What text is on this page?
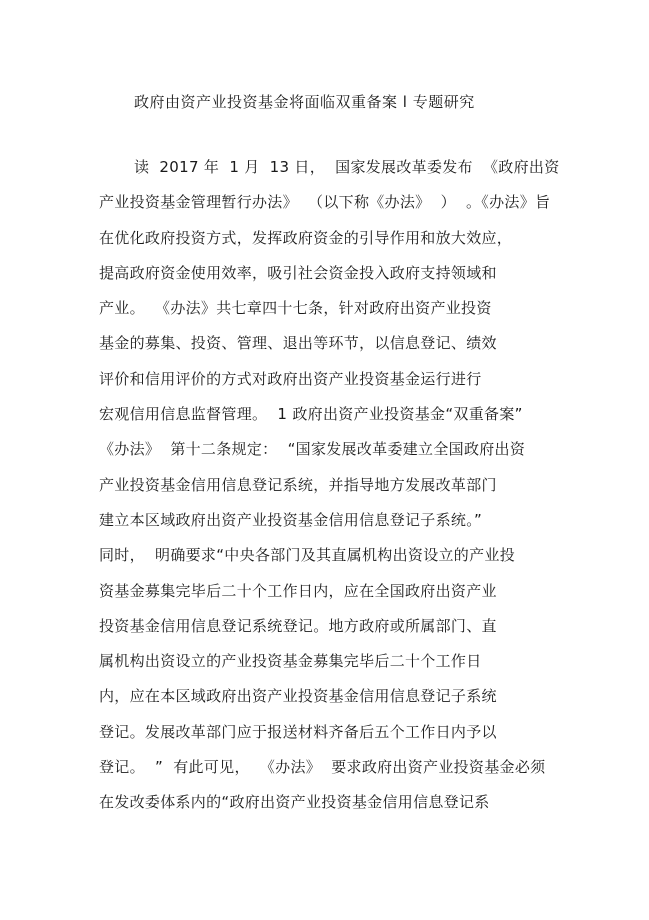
政府由资产业投资基金将面临双重备案 l 专题研究
读  2017 年  1 月  13 日，  国家发展改革委发布  《政府出资
产业投资基金管理暂行办法》  （以下称《办法》  ）  。《办法》旨
在优化政府投资方式，发挥政府资金的引导作用和放大效应，
提高政府资金使用效率，吸引社会资金投入政府支持领域和
产业。  《办法》共七章四十七条，针对政府出资产业投资
基金的募集、投资、管理、退出等环节，以信息登记、绩效
评价和信用评价的方式对政府出资产业投资基金运行进行
宏观信用信息监督管理。  1 政府出资产业投资基金“双重备案”
《办法》  第十二条规定：  “国家发展改革委建立全国政府出资
产业投资基金信用信息登记系统，并指导地方发展改革部门
建立本区域政府出资产业投资基金信用信息登记子系统。”
同时，  明确要求“中央各部门及其直属机构出资设立的产业投
资基金募集完毕后二十个工作日内，应在全国政府出资产业
投资基金信用信息登记系统登记。地方政府或所属部门、直
属机构出资设立的产业投资基金募集完毕后二十个工作日
内，应在本区域政府出资产业投资基金信用信息登记子系统
登记。发展改革部门应于报送材料齐备后五个工作日内予以
登记。  ”  有此可见，  《办法》  要求政府出资产业投资基金必须
在发改委体系内的“政府出资产业投资基金信用信息登记系
